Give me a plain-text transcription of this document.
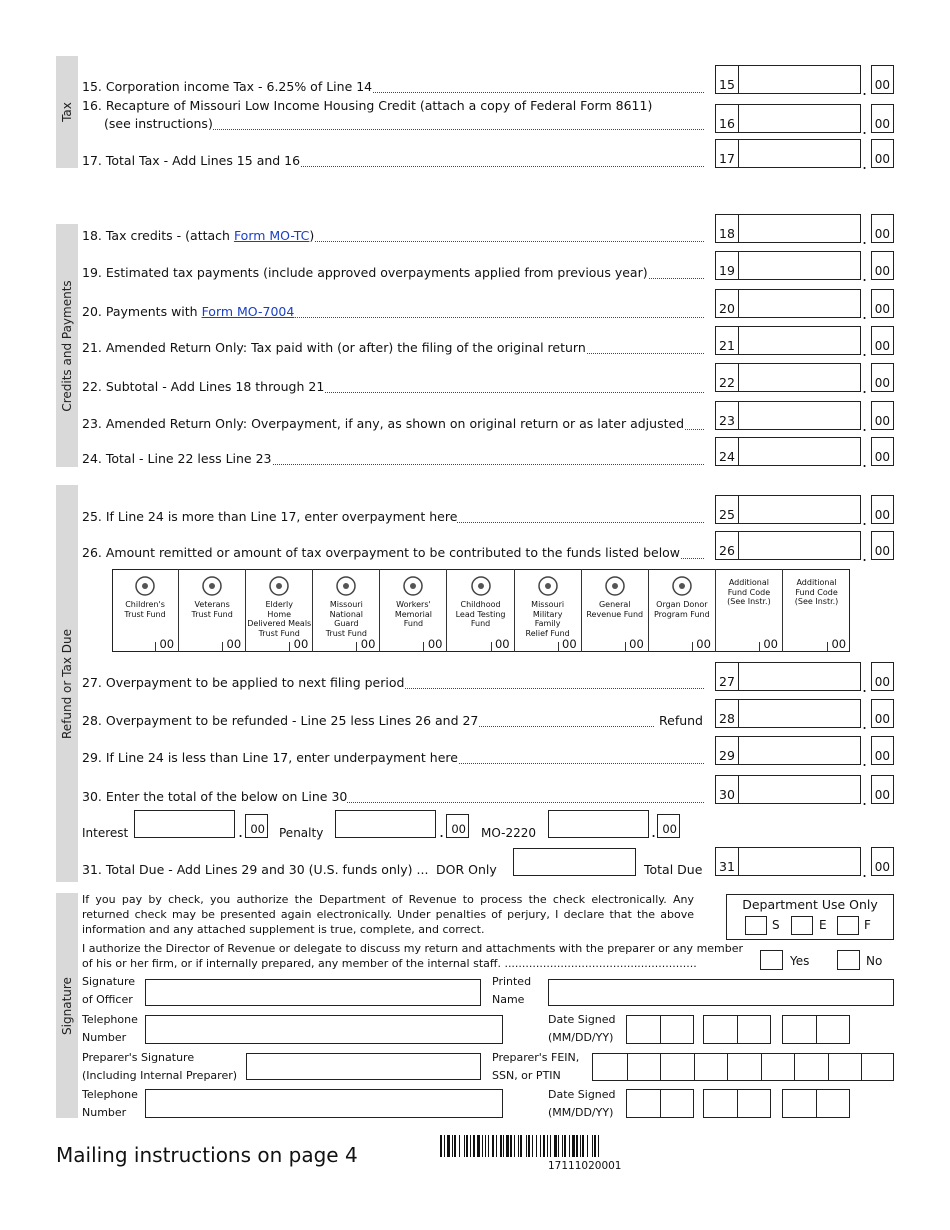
Tax
Credits and Payments
Refund or Tax Due
Signature
15. Corporation income Tax - 6.25% of Line 14	15	. 00
16. Recapture of Missouri Low Income Housing Credit (attach a copy of Federal Form 8611)
(see instructions)	16	. 00
17. Total Tax - Add Lines 15 and 16	17	. 00
18. Tax credits - (attach Form MO-TC)	18	. 00
19. Estimated tax payments (include approved overpayments applied from previous year)	19	. 00
20. Payments with Form MO-7004	20	. 00
21. Amended Return Only: Tax paid with (or after) the filing of the original return	21	. 00
22. Subtotal - Add Lines 18 through 21	22	. 00
23. Amended Return Only: Overpayment, if any, as shown on original return or as later adjusted	23	. 00
24. Total - Line 22 less Line 23	24	. 00
25. If Line 24 is more than Line 17, enter overpayment here	25	. 00
26. Amount remitted or amount of tax overpayment to be contributed to the funds listed below	26	. 00
Children's
Trust Fund
00
Veterans
Trust Fund
00
Elderly
Home
Delivered Meals
Trust Fund
00
Missouri
National
Guard
Trust Fund
00
Workers'
Memorial
Fund
00
Childhood
Lead Testing
Fund
00
Missouri
Military
Family
Relief Fund
00
General
Revenue Fund
00
Organ Donor
Program Fund
00
Additional
Fund Code
(See Instr.)
00
Additional
Fund Code
(See Instr.)
00
27. Overpayment to be applied to next filing period	27	. 00
28. Overpayment to be refunded - Line 25 less Lines 26 and 27	Refund 28	. 00
29. If Line 24 is less than Line 17, enter underpayment here	29	. 00
30. Enter the total of the below on Line 30	30	. 00
Interest	. 00 Penalty	. 00 MO-2220	. 00
31. Total Due - Add Lines 29 and 30 (U.S. funds only) ... DOR Only	Total Due 31	. 00
If you pay by check, you authorize the Department of Revenue to process the check electronically. Any returned check may be presented again electronically. Under penalties of perjury, I declare that the above information and any attached supplement is true, complete, and correct.
I authorize the Director of Revenue or delegate to discuss my return and attachments with the preparer or any member of his or her firm, or if internally prepared, any member of the internal staff. .......................................................
Department Use Only
S	E	F
Yes	No
Signature
of Officer
Printed
Name
Telephone
Number
Date Signed
(MM/DD/YY)
Preparer's Signature
(Including Internal Preparer)
Preparer's FEIN,
SSN, or PTIN
Telephone
Number
Date Signed
(MM/DD/YY)
Mailing instructions on page 4	17111020001
